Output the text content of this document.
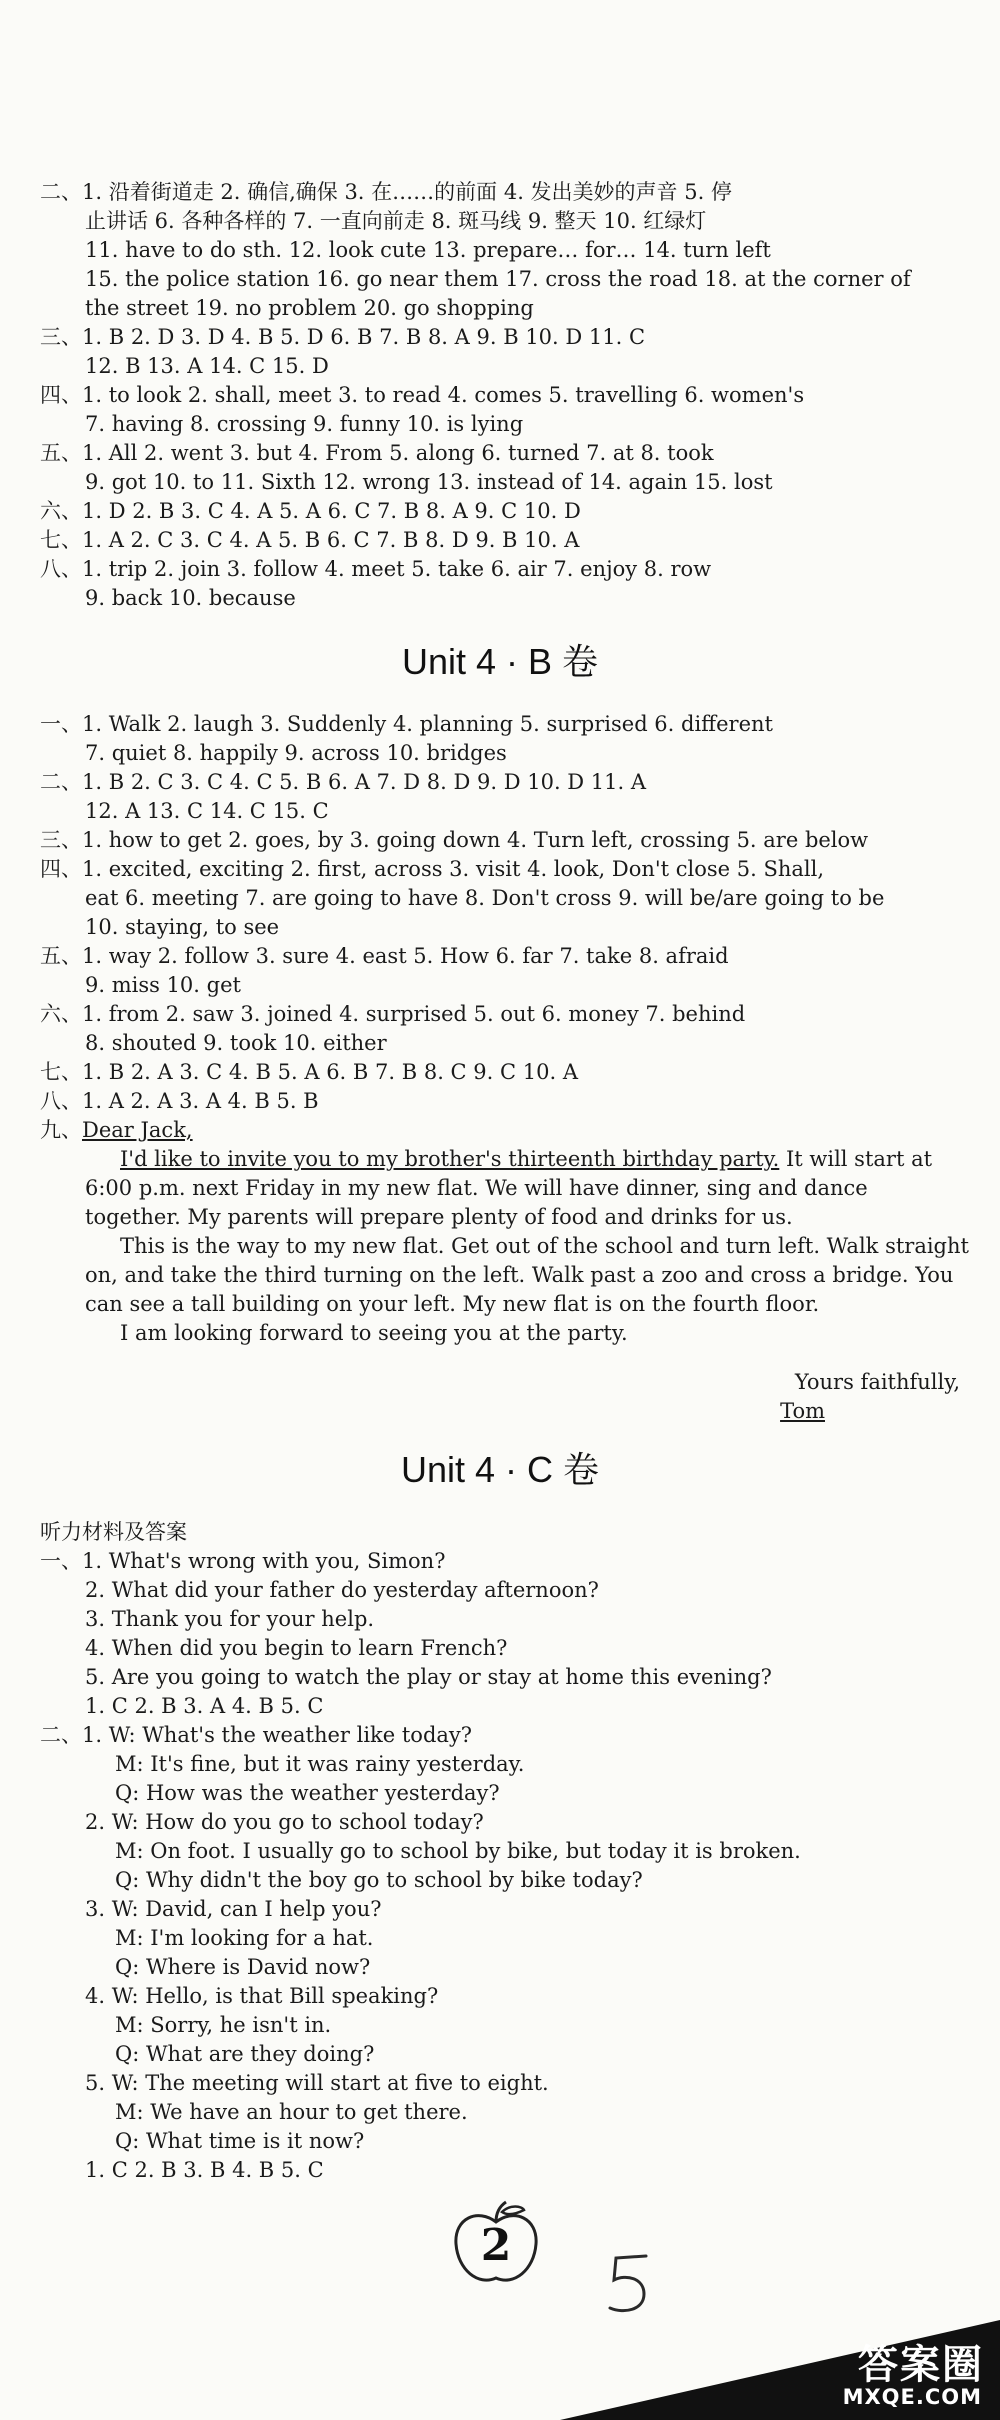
二、1. 沿着街道走 2. 确信,确保 3. 在……的前面 4. 发出美妙的声音 5. 停
止讲话 6. 各种各样的 7. 一直向前走 8. 斑马线 9. 整天 10. 红绿灯
11. have to do sth. 12. look cute 13. prepare… for… 14. turn left
15. the police station 16. go near them 17. cross the road 18. at the corner of
the street 19. no problem 20. go shopping
三、1. B 2. D 3. D 4. B 5. D 6. B 7. B 8. A 9. B 10. D 11. C
12. B 13. A 14. C 15. D
四、1. to look 2. shall, meet 3. to read 4. comes 5. travelling 6. women's
7. having 8. crossing 9. funny 10. is lying
五、1. All 2. went 3. but 4. From 5. along 6. turned 7. at 8. took
9. got 10. to 11. Sixth 12. wrong 13. instead of 14. again 15. lost
六、1. D 2. B 3. C 4. A 5. A 6. C 7. B 8. A 9. C 10. D
七、1. A 2. C 3. C 4. A 5. B 6. C 7. B 8. D 9. B 10. A
八、1. trip 2. join 3. follow 4. meet 5. take 6. air 7. enjoy 8. row
9. back 10. because
Unit 4 · B 卷
一、1. Walk 2. laugh 3. Suddenly 4. planning 5. surprised 6. different
7. quiet 8. happily 9. across 10. bridges
二、1. B 2. C 3. C 4. C 5. B 6. A 7. D 8. D 9. D 10. D 11. A
12. A 13. C 14. C 15. C
三、1. how to get 2. goes, by 3. going down 4. Turn left, crossing 5. are below
四、1. excited, exciting 2. first, across 3. visit 4. look, Don't close 5. Shall,
eat 6. meeting 7. are going to have 8. Don't cross 9. will be/are going to be
10. staying, to see
五、1. way 2. follow 3. sure 4. east 5. How 6. far 7. take 8. afraid
9. miss 10. get
六、1. from 2. saw 3. joined 4. surprised 5. out 6. money 7. behind
8. shouted 9. took 10. either
七、1. B 2. A 3. C 4. B 5. A 6. B 7. B 8. C 9. C 10. A
八、1. A 2. A 3. A 4. B 5. B
九、Dear Jack,
I'd like to invite you to my brother's thirteenth birthday party. It will start at
6:00 p.m. next Friday in my new flat. We will have dinner, sing and dance
together. My parents will prepare plenty of food and drinks for us.
This is the way to my new flat. Get out of the school and turn left. Walk straight
on, and take the third turning on the left. Walk past a zoo and cross a bridge. You
can see a tall building on your left. My new flat is on the fourth floor.
I am looking forward to seeing you at the party.
Yours faithfully,
Tom
Unit 4 · C 卷
听力材料及答案
一、1. What's wrong with you, Simon?
2. What did your father do yesterday afternoon?
3. Thank you for your help.
4. When did you begin to learn French?
5. Are you going to watch the play or stay at home this evening?
1. C 2. B 3. A 4. B 5. C
二、1. W: What's the weather like today?
M: It's fine, but it was rainy yesterday.
Q: How was the weather yesterday?
2. W: How do you go to school today?
M: On foot. I usually go to school by bike, but today it is broken.
Q: Why didn't the boy go to school by bike today?
3. W: David, can I help you?
M: I'm looking for a hat.
Q: Where is David now?
4. W: Hello, is that Bill speaking?
M: Sorry, he isn't in.
Q: What are they doing?
5. W: The meeting will start at five to eight.
M: We have an hour to get there.
Q: What time is it now?
1. C 2. B 3. B 4. B 5. C
2
答案圈
MXQE.COM
